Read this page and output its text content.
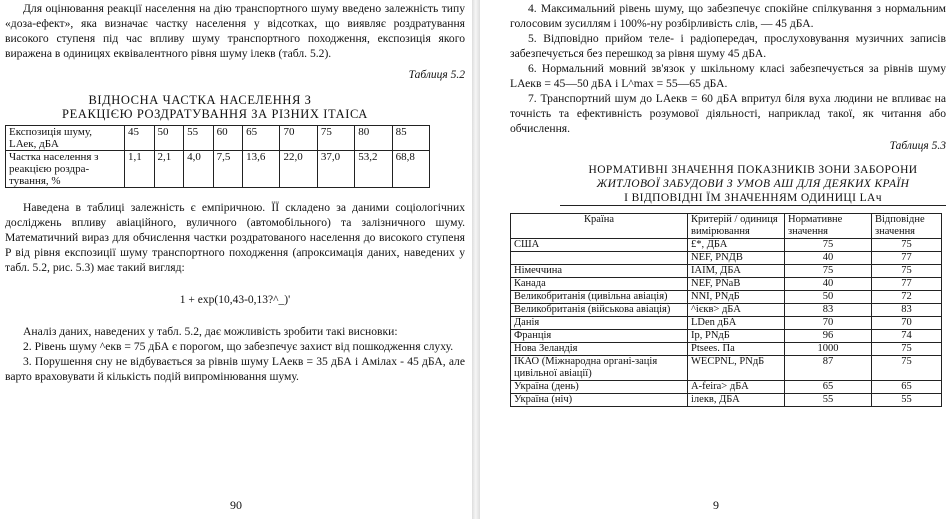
Для оцінювання реакції населення на дію транспортного шуму введено залежність типу «доза-ефект», яка визначає частку населення у відсотках, що виявляє роздратування високого ступеня під час впливу шуму транспортного походження, експозиція якого виражена в одиницях еквівалентного рівня шуму ілекв (табл. 5.2).

Таблиця 5.2

ВІДНОСНА ЧАСТКА НАСЕЛЕННЯ З
РЕАКЦІЄЮ РОЗДРАТУВАННЯ ЗА РІЗНИХ IТАІСА
Експозиція шуму, LАек, дБА	45	50	55	60	65	70	75	80	85
Частка населення з реакцією роздра-тування, %	1,1	2,1	4,0	7,5	13,6	22,0	37,0	53,2	68,8

Наведена в таблиці залежність є емпіричною. ЇЇ складено за даними соціологічних досліджень впливу авіаційного, вуличного (автомобільного) та залізничного шуму. Математичний вираз для обчислення частки роздратованого населення до високого ступеня P від рівня експозиції шуму транспортного походження (апроксимація даних, наведених у табл. 5.2, рис. 5.3) має такий вигляд:

1 + exp(10,43-0,13?^_)'

Аналіз даних, наведених у табл. 5.2, дає можливість зробити такі висновки:

2. Рівень шуму ^екв = 75 дБА є порогом, що забезпечує захист від пошкодження слуху.

3. Порушення сну не відбувається за рівнів шуму LАекв = 35 дБА і Амілах - 45 дБА, але варто враховувати й кількість подій випромінювання шуму.

90

4. Максимальний рівень шуму, що забезпечує спокійне спілкування з нормальним голосовим зусиллям і 100%-ну розбірливість слів, — 45 дБА.

5. Відповідно прийом теле- і радіопередач, прослуховування музичних записів забезпечується без перешкод за рівня шуму 45 дБА.

6. Нормальний мовний зв'язок у шкільному класі забезпечується за рівнів шуму LАекв = 45—50 дБА і L^max = 55—65 дБА.

7. Транспортний шум до LАекв = 60 дБА впритул біля вуха людини не впливає на точність та ефективність розумової діяльності, наприклад такої, як читання або обчислення.

Таблиця 5.3

НОРМАТИВНІ ЗНАЧЕННЯ ПОКАЗНИКІВ ЗОНИ ЗАБОРОНИ
ЖИТЛОВОЇ ЗАБУДОВИ З УМОВ АШ ДЛЯ ДЕЯКИХ КРАЇН
І ВІДПОВІДНІ ЇМ ЗНАЧЕННЯМ ОДИНИЦІ LАч
Країна	Критерій / одиниця вимірювання	Нормативне значення	Відповідне значення
США	£*, ДБА	75	75
	NEF, PNДB	40	77
Німеччина	ІАІМ, ДБА	75	75
Канада	NEF, PNaB	40	77
Великобританія (цивільна авіація)	NNI, PNдБ	50	72
Великобританія (військова авіація)	^ієкв> дБА	83	83
Данія	LDen дБА	70	70
Франція	Ip, PNдБ	96	74
Нова Зеландія	Ptsees. Па	1000	75
ІКАО (Міжнародна органі-зація цивільної авіації)	WECPNL, PNдБ	87	75
Україна (день)	A-feira> дБА	65	65
Україна (ніч)	ілекв, ДБА	55	55
9
